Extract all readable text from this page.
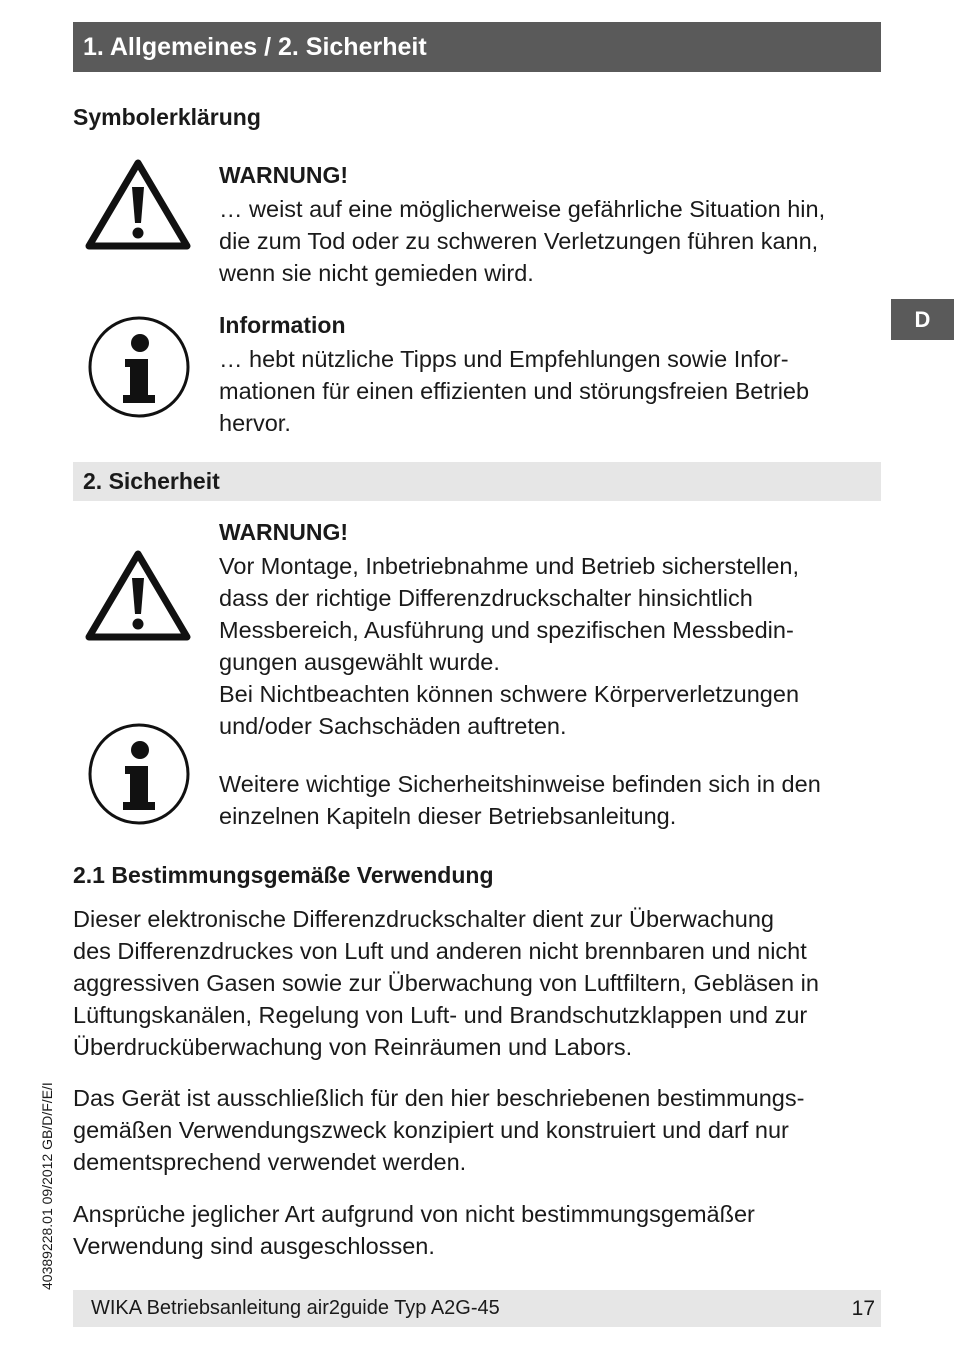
1. Allgemeines / 2. Sicherheit
D
Symbolerklärung
WARNUNG!
… weist auf eine möglicherweise gefährliche Situation hin,
die zum Tod oder zu schweren Verletzungen führen kann,
wenn sie nicht gemieden wird.
Information
… hebt nützliche Tipps und Empfehlungen sowie Infor-
mationen für einen effizienten und störungsfreien Betrieb
hervor.
2. Sicherheit
WARNUNG!
Vor Montage, Inbetriebnahme und Betrieb sicherstellen,
dass der richtige Differenzdruckschalter hinsichtlich
Messbereich, Ausführung und spezifischen Messbedin-
gungen ausgewählt wurde.
Bei Nichtbeachten können schwere Körperverletzungen
und/oder Sachschäden auftreten.
Weitere wichtige Sicherheitshinweise befinden sich in den
einzelnen Kapiteln dieser Betriebsanleitung.
2.1 Bestimmungsgemäße Verwendung
Dieser elektronische Differenzdruckschalter dient zur Überwachung
des Differenzdruckes von Luft und anderen nicht brennbaren und nicht
aggressiven Gasen sowie zur Überwachung von Luftfiltern, Gebläsen in
Lüftungskanälen, Regelung von Luft- und Brandschutzklappen und zur
Überdrucküberwachung von Reinräumen und Labors.
Das Gerät ist ausschließlich für den hier beschriebenen bestimmungs-
gemäßen Verwendungszweck konzipiert und konstruiert und darf nur
dementsprechend verwendet werden.
Ansprüche jeglicher Art aufgrund von nicht bestimmungsgemäßer
Verwendung sind ausgeschlossen.
40389228.01 09/2012 GB/D/F/E/I
WIKA Betriebsanleitung air2guide Typ A2G-45	17
